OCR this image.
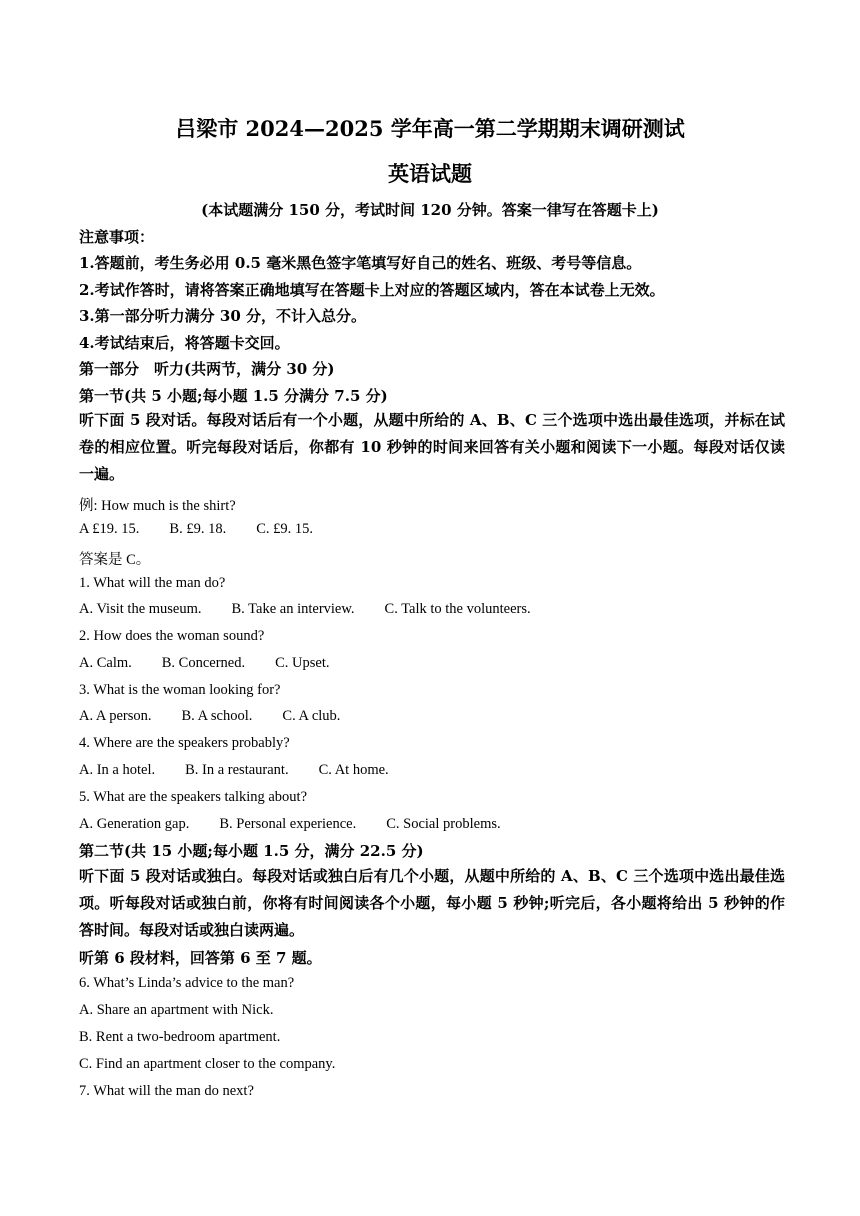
吕梁市 2024—2025 学年高一第二学期期末调研测试
英语试题
(本试题满分 150 分，考试时间 120 分钟。答案一律写在答题卡上)
注意事项：
1.答题前，考生务必用 0.5 毫米黑色签字笔填写好自己的姓名、班级、考号等信息。
2.考试作答时，请将答案正确地填写在答题卡上对应的答题区域内，答在本试卷上无效。
3.第一部分听力满分 30 分，不计入总分。
4.考试结束后，将答题卡交回。
第一部分　听力(共两节，满分 30 分)
第一节(共 5 小题;每小题 1.5 分满分 7.5 分)
听下面 5 段对话。每段对话后有一个小题，从题中所给的 A、B、C 三个选项中选出最佳选项，并标在试卷的相应位置。听完每段对话后，你都有 10 秒钟的时间来回答有关小题和阅读下一小题。每段对话仅读一遍。
例: How much is the shirt?
A £19. 15. B. £9. 18. C. £9. 15.
答案是 C。
1. What will the man do?
A. Visit the museum. B. Take an interview. C. Talk to the volunteers.
2. How does the woman sound?
A. Calm. B. Concerned. C. Upset.
3. What is the woman looking for?
A. A person. B. A school. C. A club.
4. Where are the speakers probably?
A. In a hotel. B. In a restaurant. C. At home.
5. What are the speakers talking about?
A. Generation gap. B. Personal experience. C. Social problems.
第二节(共 15 小题;每小题 1.5 分，满分 22.5 分)
听下面 5 段对话或独白。每段对话或独白后有几个小题，从题中所给的 A、B、C 三个选项中选出最佳选项。听每段对话或独白前，你将有时间阅读各个小题，每小题 5 秒钟;听完后，各小题将给出 5 秒钟的作答时间。每段对话或独白读两遍。
听第 6 段材料，回答第 6 至 7 题。
6. What’s Linda’s advice to the man?
A. Share an apartment with Nick.
B. Rent a two-bedroom apartment.
C. Find an apartment closer to the company.
7. What will the man do next?
